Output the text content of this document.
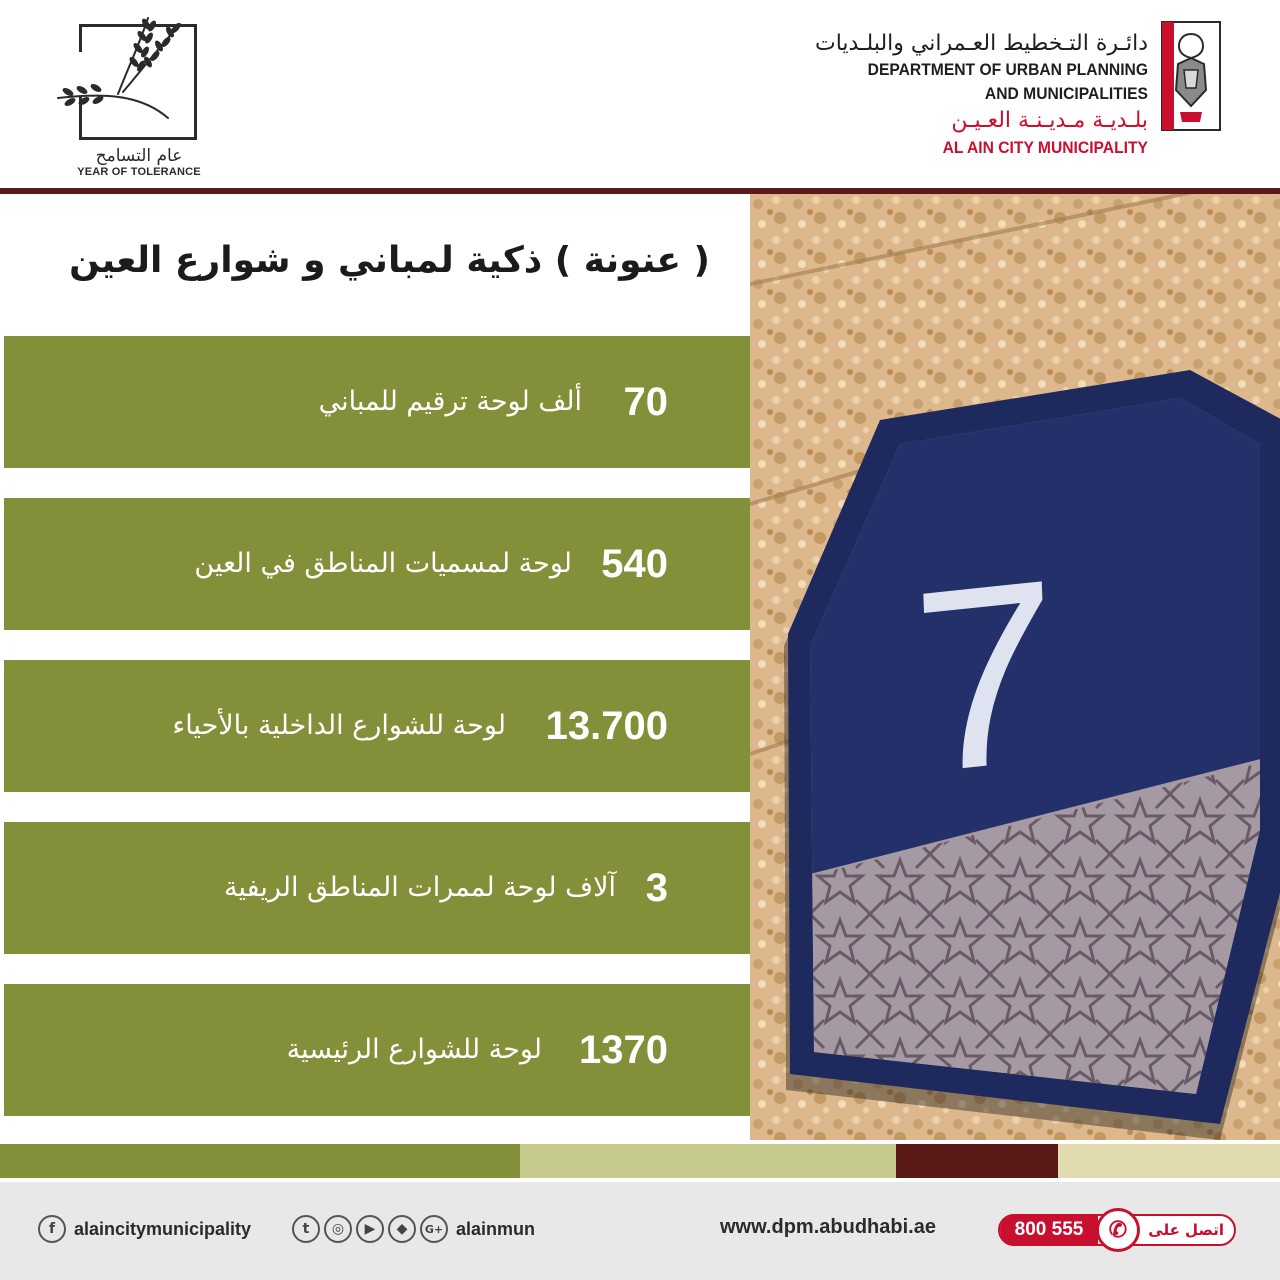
عام التسامح
YEAR OF TOLERANCE
دائـرة التـخطيط العـمراني والبلـديات
DEPARTMENT OF URBAN PLANNING
AND MUNICIPALITIES
بلـديـة مـديـنـة العـيـن
AL AIN CITY MUNICIPALITY
( عنونة ) ذكية لمباني و شوارع العين
70
ألف لوحة ترقيم للمباني
540
لوحة لمسميات المناطق في العين
13.700
لوحة للشوارع الداخلية بالأحياء
3
آلاف لوحة لممرات المناطق الريفية
1370
لوحة للشوارع الرئيسية
7
f	alaincitymunicipality	t	◎	▶	◆	G+ alainmun	www.dpm.abudhabi.ae	800 555	✆	اتصل على
